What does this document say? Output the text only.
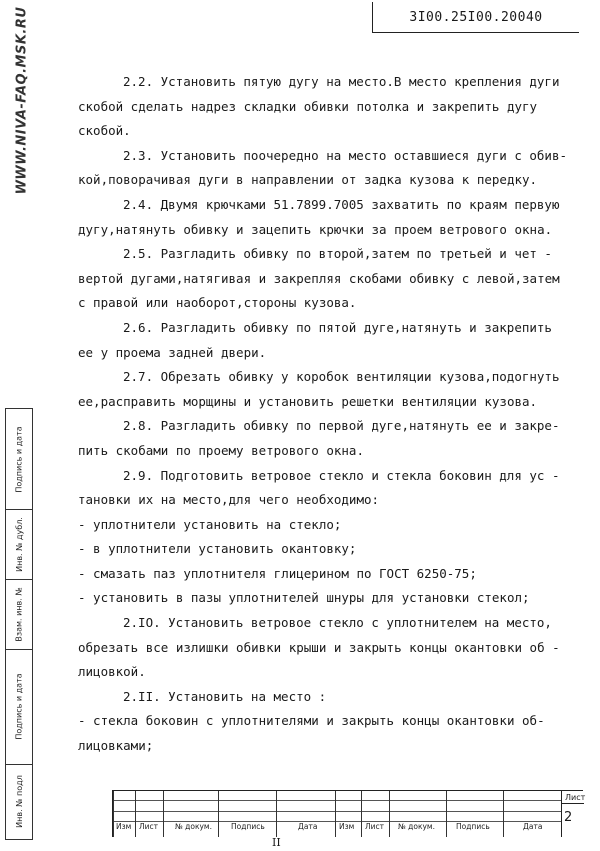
WWW.NIVA-FAQ.MSK.RU	3I00.25I00.20040
Подпись и дата
Инв. № дубл.
Взам. инв. №
Подпись и дата
Инв. № подл
2.2. Установить пятую дугу на место.В место крепления дуги
скобой сделать надрез складки обивки потолка и закрепить дугу
скобой.
2.3. Установить поочередно на место оставшиеся дуги с обив-
кой,поворачивая дуги в направлении от задка кузова к передку.
2.4. Двумя крючками 51.7899.7005 захватить по краям первую
дугу,натянуть обивку и зацепить крючки за проем ветрового окна.
2.5. Разгладить обивку по второй,затем по третьей и чет -
вертой дугами,натягивая и закрепляя скобами обивку с левой,затем
с правой или наоборот,стороны кузова.
2.6. Разгладить обивку по пятой дуге,натянуть и закрепить
ее у проема задней двери.
2.7. Обрезать обивку у коробок вентиляции кузова,подогнуть
ее,расправить морщины и установить решетки вентиляции кузова.
2.8. Разгладить обивку по первой дуге,натянуть ее и закре-
пить скобами по проему ветрового окна.
2.9. Подготовить ветровое стекло и стекла боковин для ус -
тановки их на место,для чего необходимо:
- уплотнители установить на стекло;
- в уплотнители установить окантовку;
- смазать паз уплотнителя глицерином по ГОСТ 6250-75;
- установить в пазы уплотнителей шнуры для установки стекол;
2.IO. Установить ветровое стекло с уплотнителем на место,
обрезать все излишки обивки крыши и закрыть концы окантовки об -
лицовкой.
2.II. Установить на место :
- стекла боковин с уплотнителями и закрыть концы окантовки об-
лицовками;
Изм Лист № докум.	Подпись	Дата	Изм Лист № докум.	Подпись	Дата
Лист
2
II
